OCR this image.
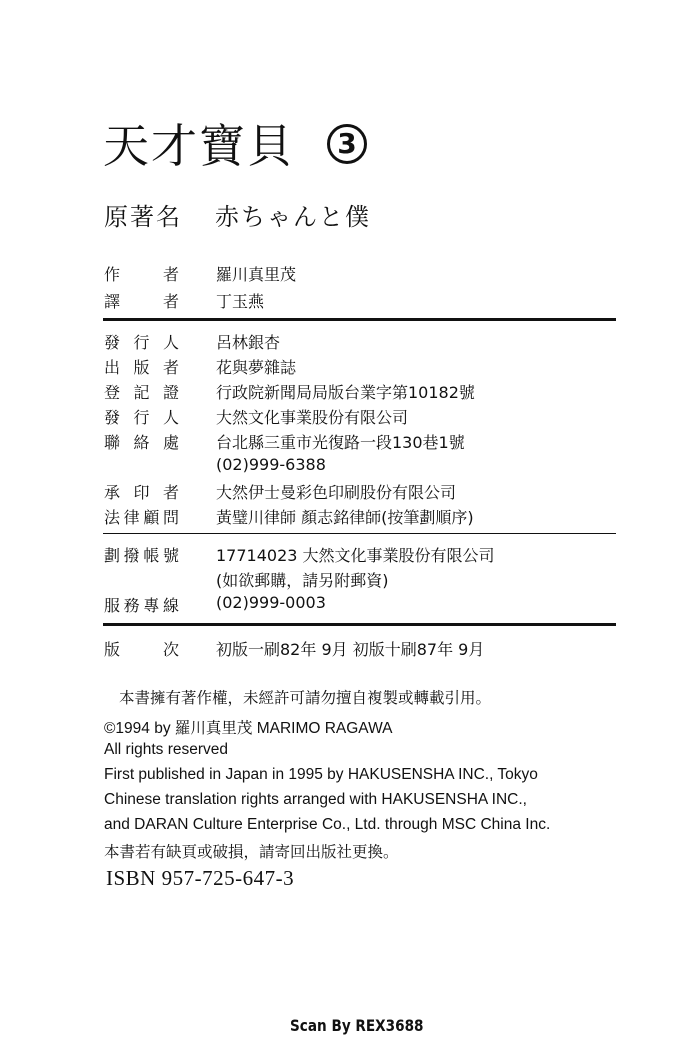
天才寶貝	3
原著名 赤ちゃんと僕
作	者 羅川真里茂
譯	者 丁玉燕
發 行 人 呂林銀杏
出 版 者 花與夢雜誌
登 記 證 行政院新聞局局版台業字第10182號
發 行 人 大然文化事業股份有限公司
聯 絡 處 台北縣三重市光復路一段130巷1號
(02)999-6388
承 印 者 大然伊士曼彩色印刷股份有限公司
法 律 顧 問 黃璧川律師 顏志銘律師(按筆劃順序)
劃 撥 帳 號 17714023 大然文化事業股份有限公司
(如欲郵購，請另附郵資)
服 務 專 線 (02)999-0003
版	次 初版一刷82年 9月 初版十刷87年 9月
本書擁有著作權，未經許可請勿擅自複製或轉載引用。
©1994 by 羅川真里茂 MARIMO RAGAWA
All rights reserved
First published in Japan in 1995 by HAKUSENSHA INC., Tokyo
Chinese translation rights arranged with HAKUSENSHA INC.,
and DARAN Culture Enterprise Co., Ltd. through MSC China Inc.
本書若有缺頁或破損，請寄回出版社更換。
ISBN 957-725-647-3
Scan By REX3688
